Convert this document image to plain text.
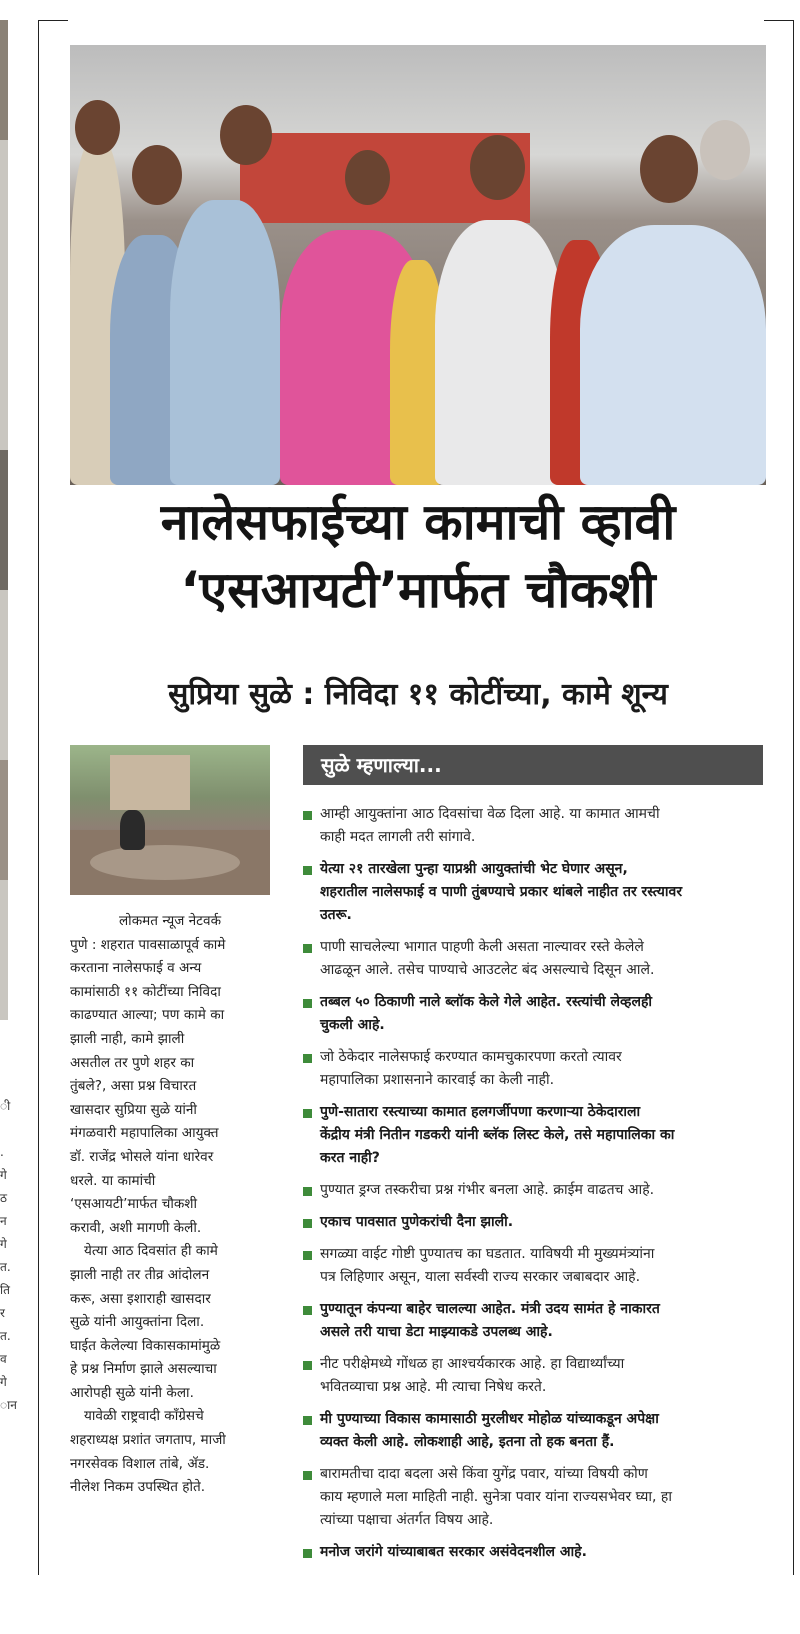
ी

.
गे
ठ
न
गे
त.
ति
र
त.
व
गे
ान
नालेसफाईच्या कामाची व्हावी
‘एसआयटी’मार्फत चौकशी
सुप्रिया सुळे : निविदा ११ कोटींच्या, कामे शून्य
लोकमत न्यूज नेटवर्क
पुणे : शहरात पावसाळापूर्व कामे
करताना नालेसफाई व अन्य
कामांसाठी ११ कोटींच्या निविदा
काढण्यात आल्या; पण कामे का
झाली नाही, कामे झाली
असतील तर पुणे शहर का
तुंबले?, असा प्रश्न विचारत
खासदार सुप्रिया सुळे यांनी
मंगळवारी महापालिका आयुक्त
डॉ. राजेंद्र भोसले यांना धारेवर
धरले. या कामांची
‘एसआयटी’मार्फत चौकशी
करावी, अशी मागणी केली.
येत्या आठ दिवसांत ही कामे
झाली नाही तर तीव्र आंदोलन
करू, असा इशाराही खासदार
सुळे यांनी आयुक्तांना दिला.
घाईत केलेल्या विकासकामांमुळे
हे प्रश्न निर्माण झाले असल्याचा
आरोपही सुळे यांनी केला.
यावेळी राष्ट्रवादी काँग्रेसचे
शहराध्यक्ष प्रशांत जगताप, माजी
नगरसेवक विशाल तांबे, ॲड.
नीलेश निकम उपस्थित होते.
सुळे म्हणाल्या...
आम्ही आयुक्तांना आठ दिवसांचा वेळ दिला आहे. या कामात आमची
काही मदत लागली तरी सांगावे.
येत्या २१ तारखेला पुन्हा याप्रश्नी आयुक्तांची भेट घेणार असून,
शहरातील नालेसफाई व पाणी तुंबण्याचे प्रकार थांबले नाहीत तर रस्त्यावर
उतरू.
पाणी साचलेल्या भागात पाहणी केली असता नाल्यावर रस्ते केलेले
आढळून आले. तसेच पाण्याचे आउटलेट बंद असल्याचे दिसून आले.
तब्बल ५० ठिकाणी नाले ब्लॉक केले गेले आहेत. रस्त्यांची लेव्हलही
चुकली आहे.
जो ठेकेदार नालेसफाई करण्यात कामचुकारपणा करतो त्यावर
महापालिका प्रशासनाने कारवाई का केली नाही.
पुणे-सातारा रस्त्याच्या कामात हलगर्जीपणा करणाऱ्या ठेकेदाराला
केंद्रीय मंत्री नितीन गडकरी यांनी ब्लॅक लिस्ट केले, तसे महापालिका का
करत नाही?
पुण्यात ड्रग्ज तस्करीचा प्रश्न गंभीर बनला आहे. क्राईम वाढतच आहे.
एकाच पावसात पुणेकरांची दैना झाली.
सगळ्या वाईट गोष्टी पुण्यातच का घडतात. याविषयी मी मुख्यमंत्र्यांना
पत्र लिहिणार असून, याला सर्वस्वी राज्य सरकार जबाबदार आहे.
पुण्यातून कंपन्या बाहेर चालल्या आहेत. मंत्री उदय सामंत हे नाकारत
असले तरी याचा डेटा माझ्याकडे उपलब्ध आहे.
नीट परीक्षेमध्ये गोंधळ हा आश्चर्यकारक आहे. हा विद्यार्थ्यांच्या
भवितव्याचा प्रश्न आहे. मी त्याचा निषेध करते.
मी पुण्याच्या विकास कामासाठी मुरलीधर मोहोळ यांच्याकडून अपेक्षा
व्यक्त केली आहे. लोकशाही आहे, इतना तो हक बनता हैं.
बारामतीचा दादा बदला असे किंवा युगेंद्र पवार, यांच्या विषयी कोण
काय म्हणाले मला माहिती नाही. सुनेत्रा पवार यांना राज्यसभेवर घ्या, हा
त्यांच्या पक्षाचा अंतर्गत विषय आहे.
मनोज जरांगे यांच्याबाबत सरकार असंवेदनशील आहे.
